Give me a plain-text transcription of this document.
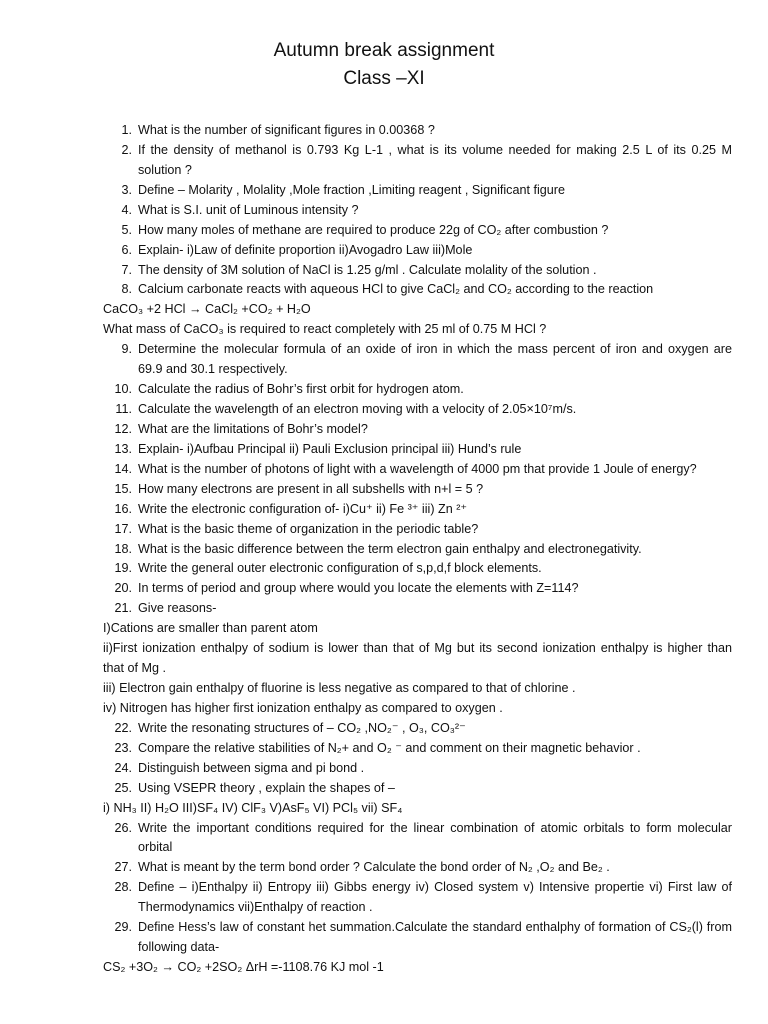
Autumn break assignment
Class –XI
1. What is the number of significant figures in 0.00368 ?
2. If the density of methanol is 0.793 Kg L-1 , what is its volume needed for making 2.5 L of its 0.25 M
solution ?
3. Define – Molarity , Molality ,Mole fraction ,Limiting reagent , Significant figure
4. What is S.I. unit of Luminous intensity ?
5. How many moles of methane are required to produce 22g of CO₂ after combustion ?
6. Explain- i)Law of definite proportion ii)Avogadro Law iii)Mole
7. The density of 3M solution of NaCl is 1.25 g/ml . Calculate molality of the solution .
8. Calcium carbonate reacts with aqueous HCl to give CaCl₂ and CO₂ according to the reaction
CaCO₃ +2 HCl → CaCl₂ +CO₂ + H₂O
What mass of CaCO₃ is required to react completely with 25 ml of 0.75 M HCl ?
9. Determine the molecular formula of an oxide of iron in which the mass percent of iron and oxygen are
69.9 and 30.1 respectively.
10. Calculate the radius of Bohr’s first orbit for hydrogen atom.
11. Calculate the wavelength of an electron moving with a velocity of 2.05×10⁷m/s.
12. What are the limitations of Bohr’s model?
13. Explain- i)Aufbau Principal ii) Pauli Exclusion principal iii) Hund’s rule
14. What is the number of photons of light with a wavelength of 4000 pm that provide 1 Joule of energy?
15. How many electrons are present in all subshells with n+l = 5 ?
16. Write the electronic configuration of- i)Cu⁺ ii) Fe ³⁺ iii) Zn ²⁺
17. What is the basic theme of organization in the periodic table?
18. What is the basic difference between the term electron gain enthalpy and electronegativity.
19. Write the general outer electronic configuration of s,p,d,f block elements.
20. In terms of period and group where would you locate the elements with Z=114?
21. Give reasons-
I)Cations are smaller than parent atom
ii)First ionization enthalpy of sodium is lower than that of Mg but its second ionization enthalpy is higher than
that of Mg .
iii) Electron gain enthalpy of fluorine is less negative as compared to that of chlorine .
iv) Nitrogen has higher first ionization enthalpy as compared to oxygen .
22. Write the resonating structures of – CO₂ ,NO₂⁻ , O₃, CO₃²⁻
23. Compare the relative stabilities of N₂+ and O₂ ⁻ and comment on their magnetic behavior .
24. Distinguish between sigma and pi bond .
25. Using VSEPR theory , explain the shapes of –
i) NH₃ II) H₂O III)SF₄ IV) ClF₃ V)AsF₅ VI) PCl₅ vii) SF₄
26. Write the important conditions required for the linear combination of atomic orbitals to form molecular
orbital
27. What is meant by the term bond order ? Calculate the bond order of N₂ ,O₂ and Be₂ .
28. Define – i)Enthalpy ii) Entropy iii) Gibbs energy iv) Closed system v) Intensive propertie vi) First law of
Thermodynamics vii)Enthalpy of reaction .
29. Define Hess’s law of constant het summation.Calculate the standard enthalphy of formation of CS₂(l) from
following data-
CS₂ +3O₂ → CO₂ +2SO₂ ΔrH =-1108.76 KJ mol -1
